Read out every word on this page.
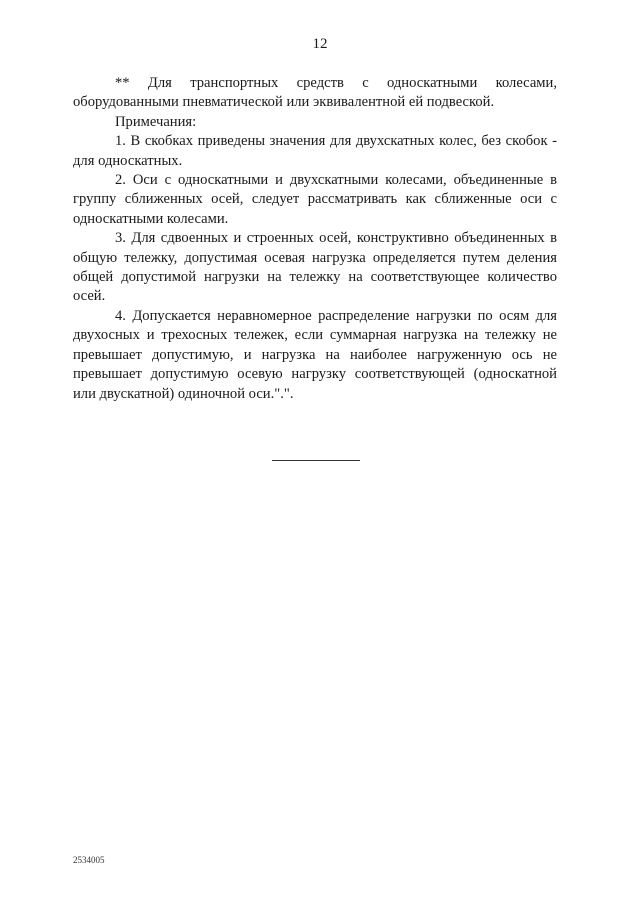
12

** Для транспортных средств с односкатными колесами, оборудованными пневматической или эквивалентной ей подвеской.

Примечания:

1. В скобках приведены значения для двухскатных колес, без скобок - для односкатных.

2. Оси с односкатными и двухскатными колесами, объединенные в группу сближенных осей, следует рассматривать как сближенные оси с односкатными колесами.

3. Для сдвоенных и строенных осей, конструктивно объединенных в общую тележку, допустимая осевая нагрузка определяется путем деления общей допустимой нагрузки на тележку на соответствующее количество осей.

4. Допускается неравномерное распределение нагрузки по осям для двухосных и трехосных тележек, если суммарная нагрузка на тележку не превышает допустимую, и нагрузка на наиболее нагруженную ось не превышает допустимую осевую нагрузку соответствующей (односкатной или двускатной) одиночной оси.".".

2534005
